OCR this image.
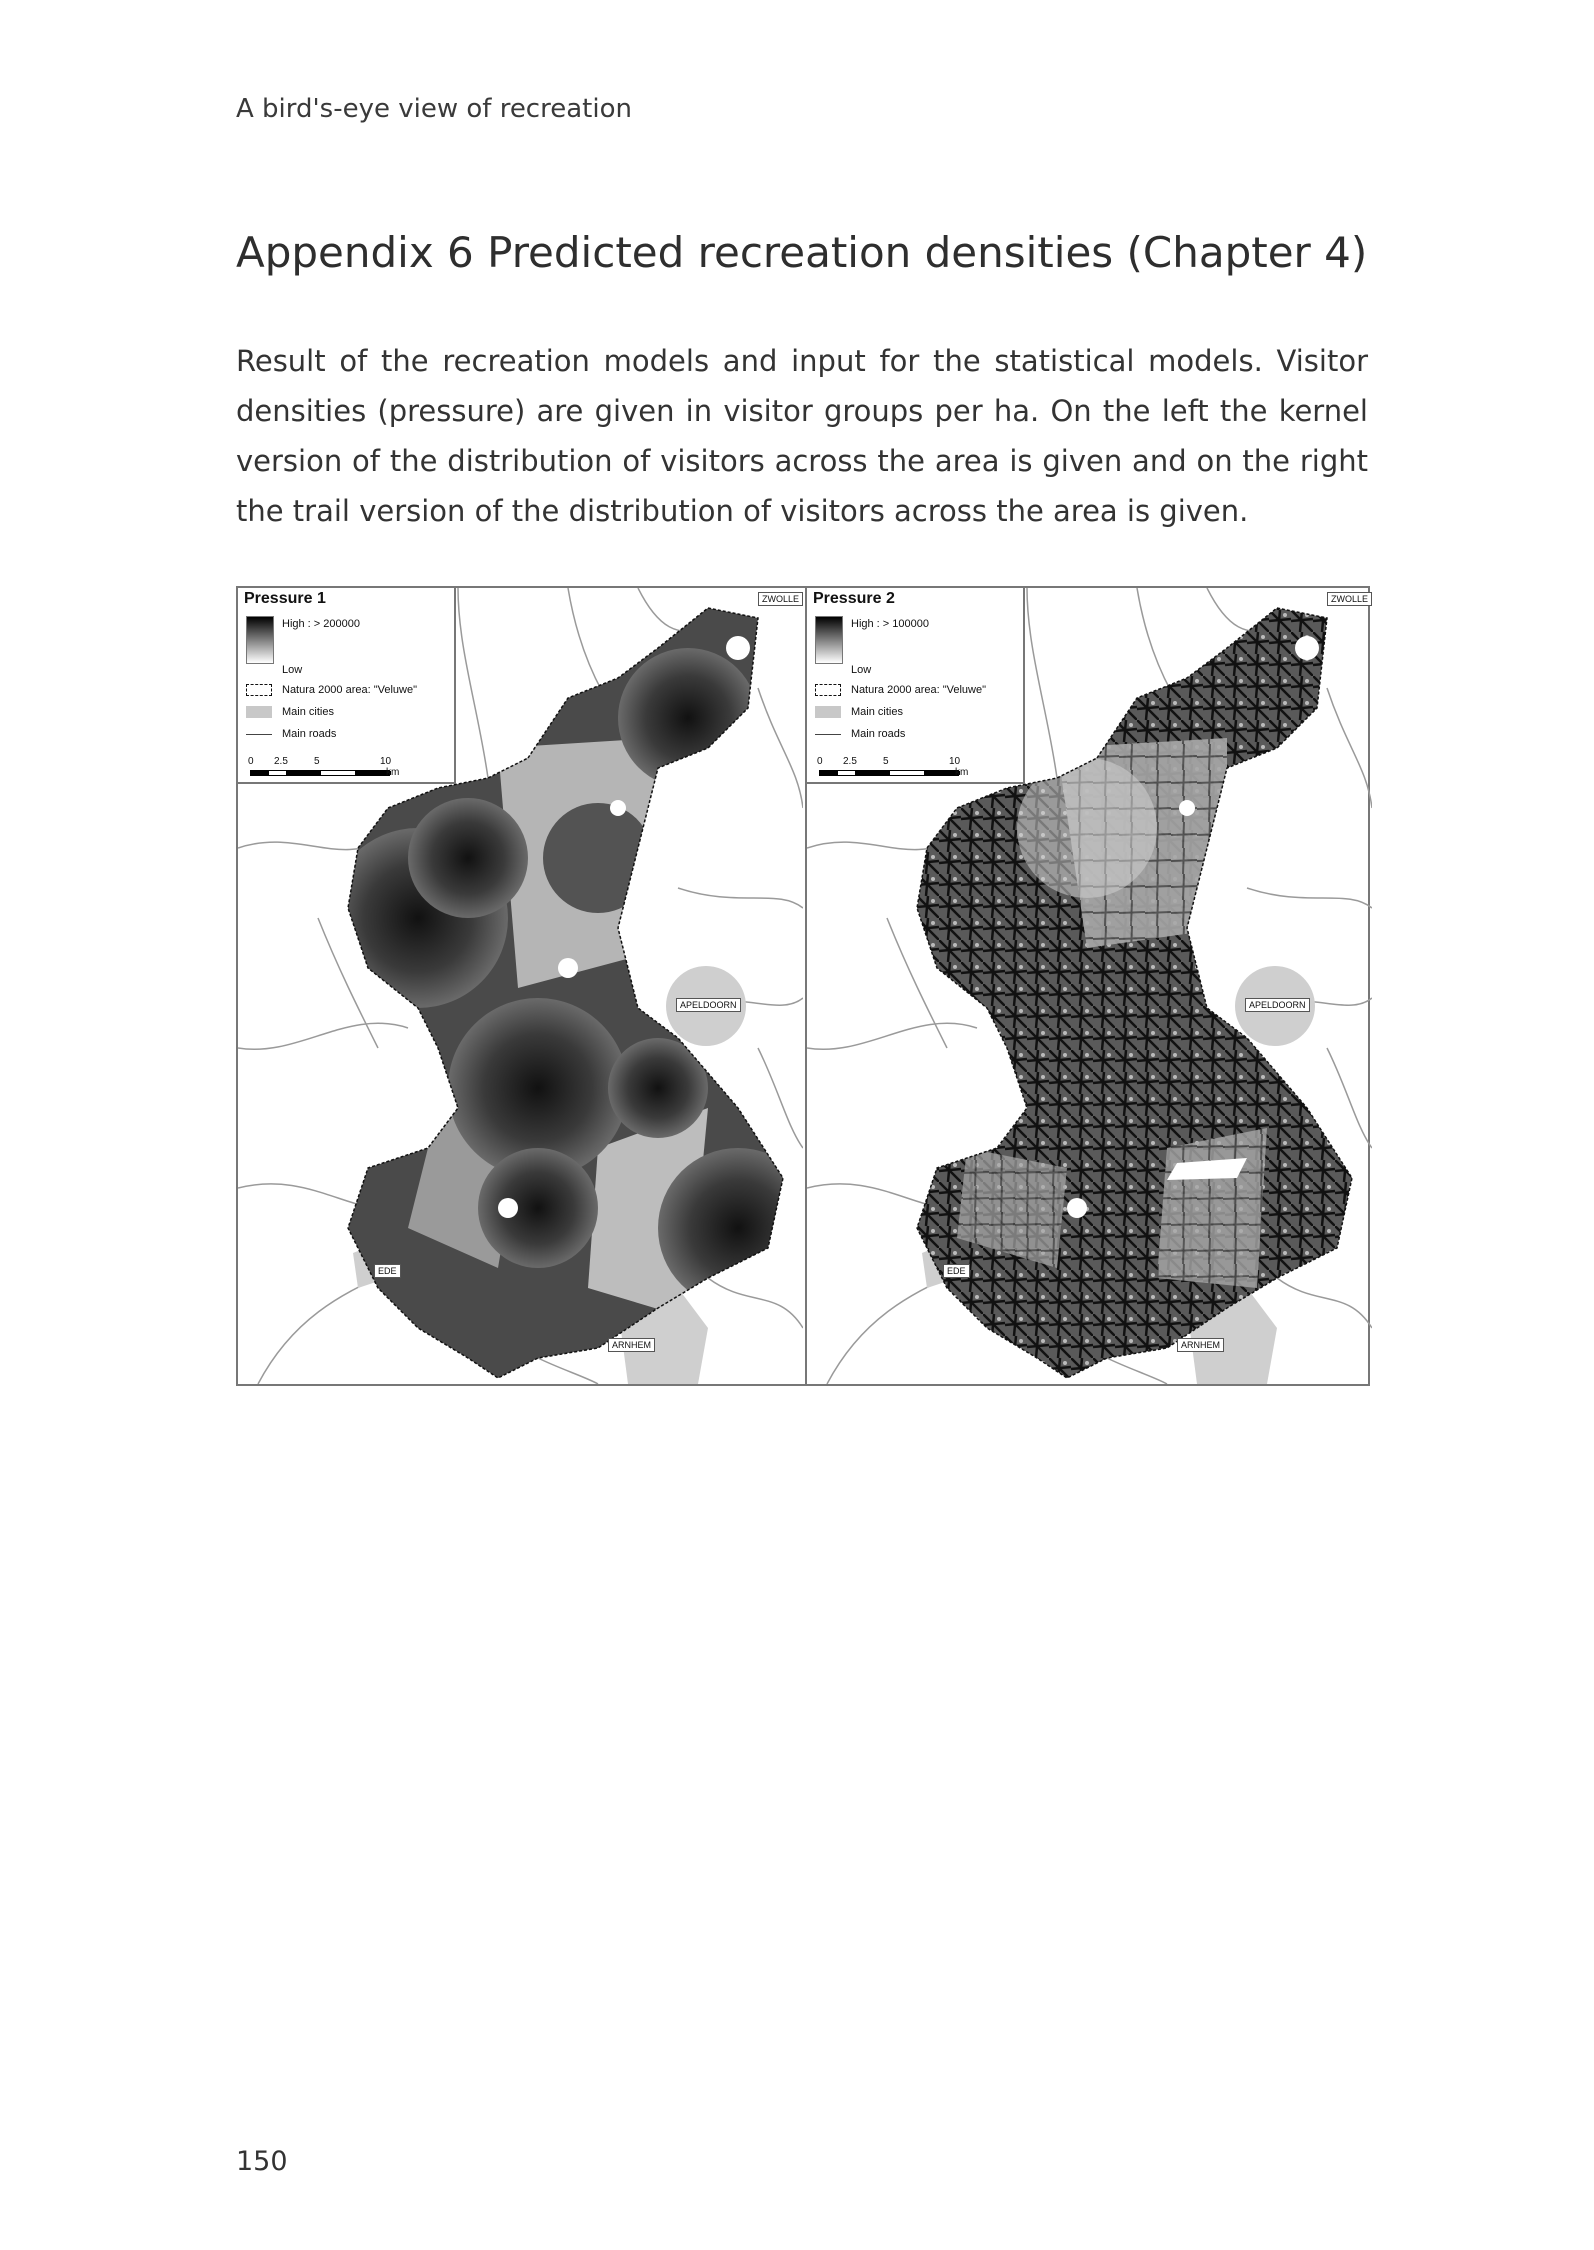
A bird's-eye view of recreation
Appendix 6 Predicted recreation densities (Chapter 4)

Result of the recreation models and input for the statistical models. Visitor densities (pressure) are given in visitor groups per ha. On the left the kernel version of the distribution of visitors across the area is given and on the right the trail version of the distribution of visitors across the area is given.

Pressure 1
High : > 200000
Low
Natura 2000 area: "Veluwe"
Main cities
Main roads
0 2.5	5	10
km
ZWOLLE
APELDOORN
EDE
ARNHEM
Pressure 2
High : > 100000
Low
Natura 2000 area: "Veluwe"
Main cities
Main roads
0 2.5	5	10
km
ZWOLLE
APELDOORN
EDE
ARNHEM
150
